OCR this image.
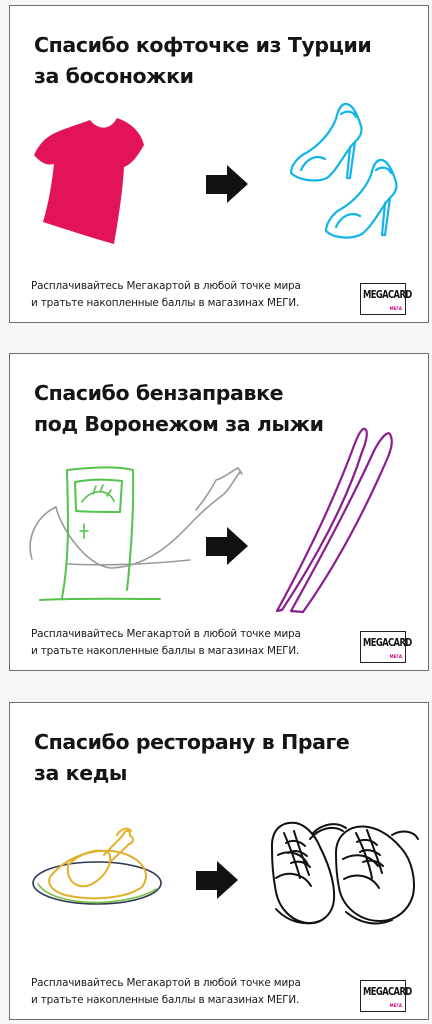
Спасибо кофточке из Турции
за босоножки
Расплачивайтесь Мегакартой в любой точке мира
и тратьте накопленные баллы в магазинах МЕГИ.
MEGACARD
МЕГА
Спасибо бензаправке
под Воронежом за лыжи
Расплачивайтесь Мегакартой в любой точке мира
и тратьте накопленные баллы в магазинах МЕГИ.
MEGACARD
МЕГА
Спасибо ресторану в Праге
за кеды
Расплачивайтесь Мегакартой в любой точке мира
и тратьте накопленные баллы в магазинах МЕГИ.
MEGACARD
МЕГА
